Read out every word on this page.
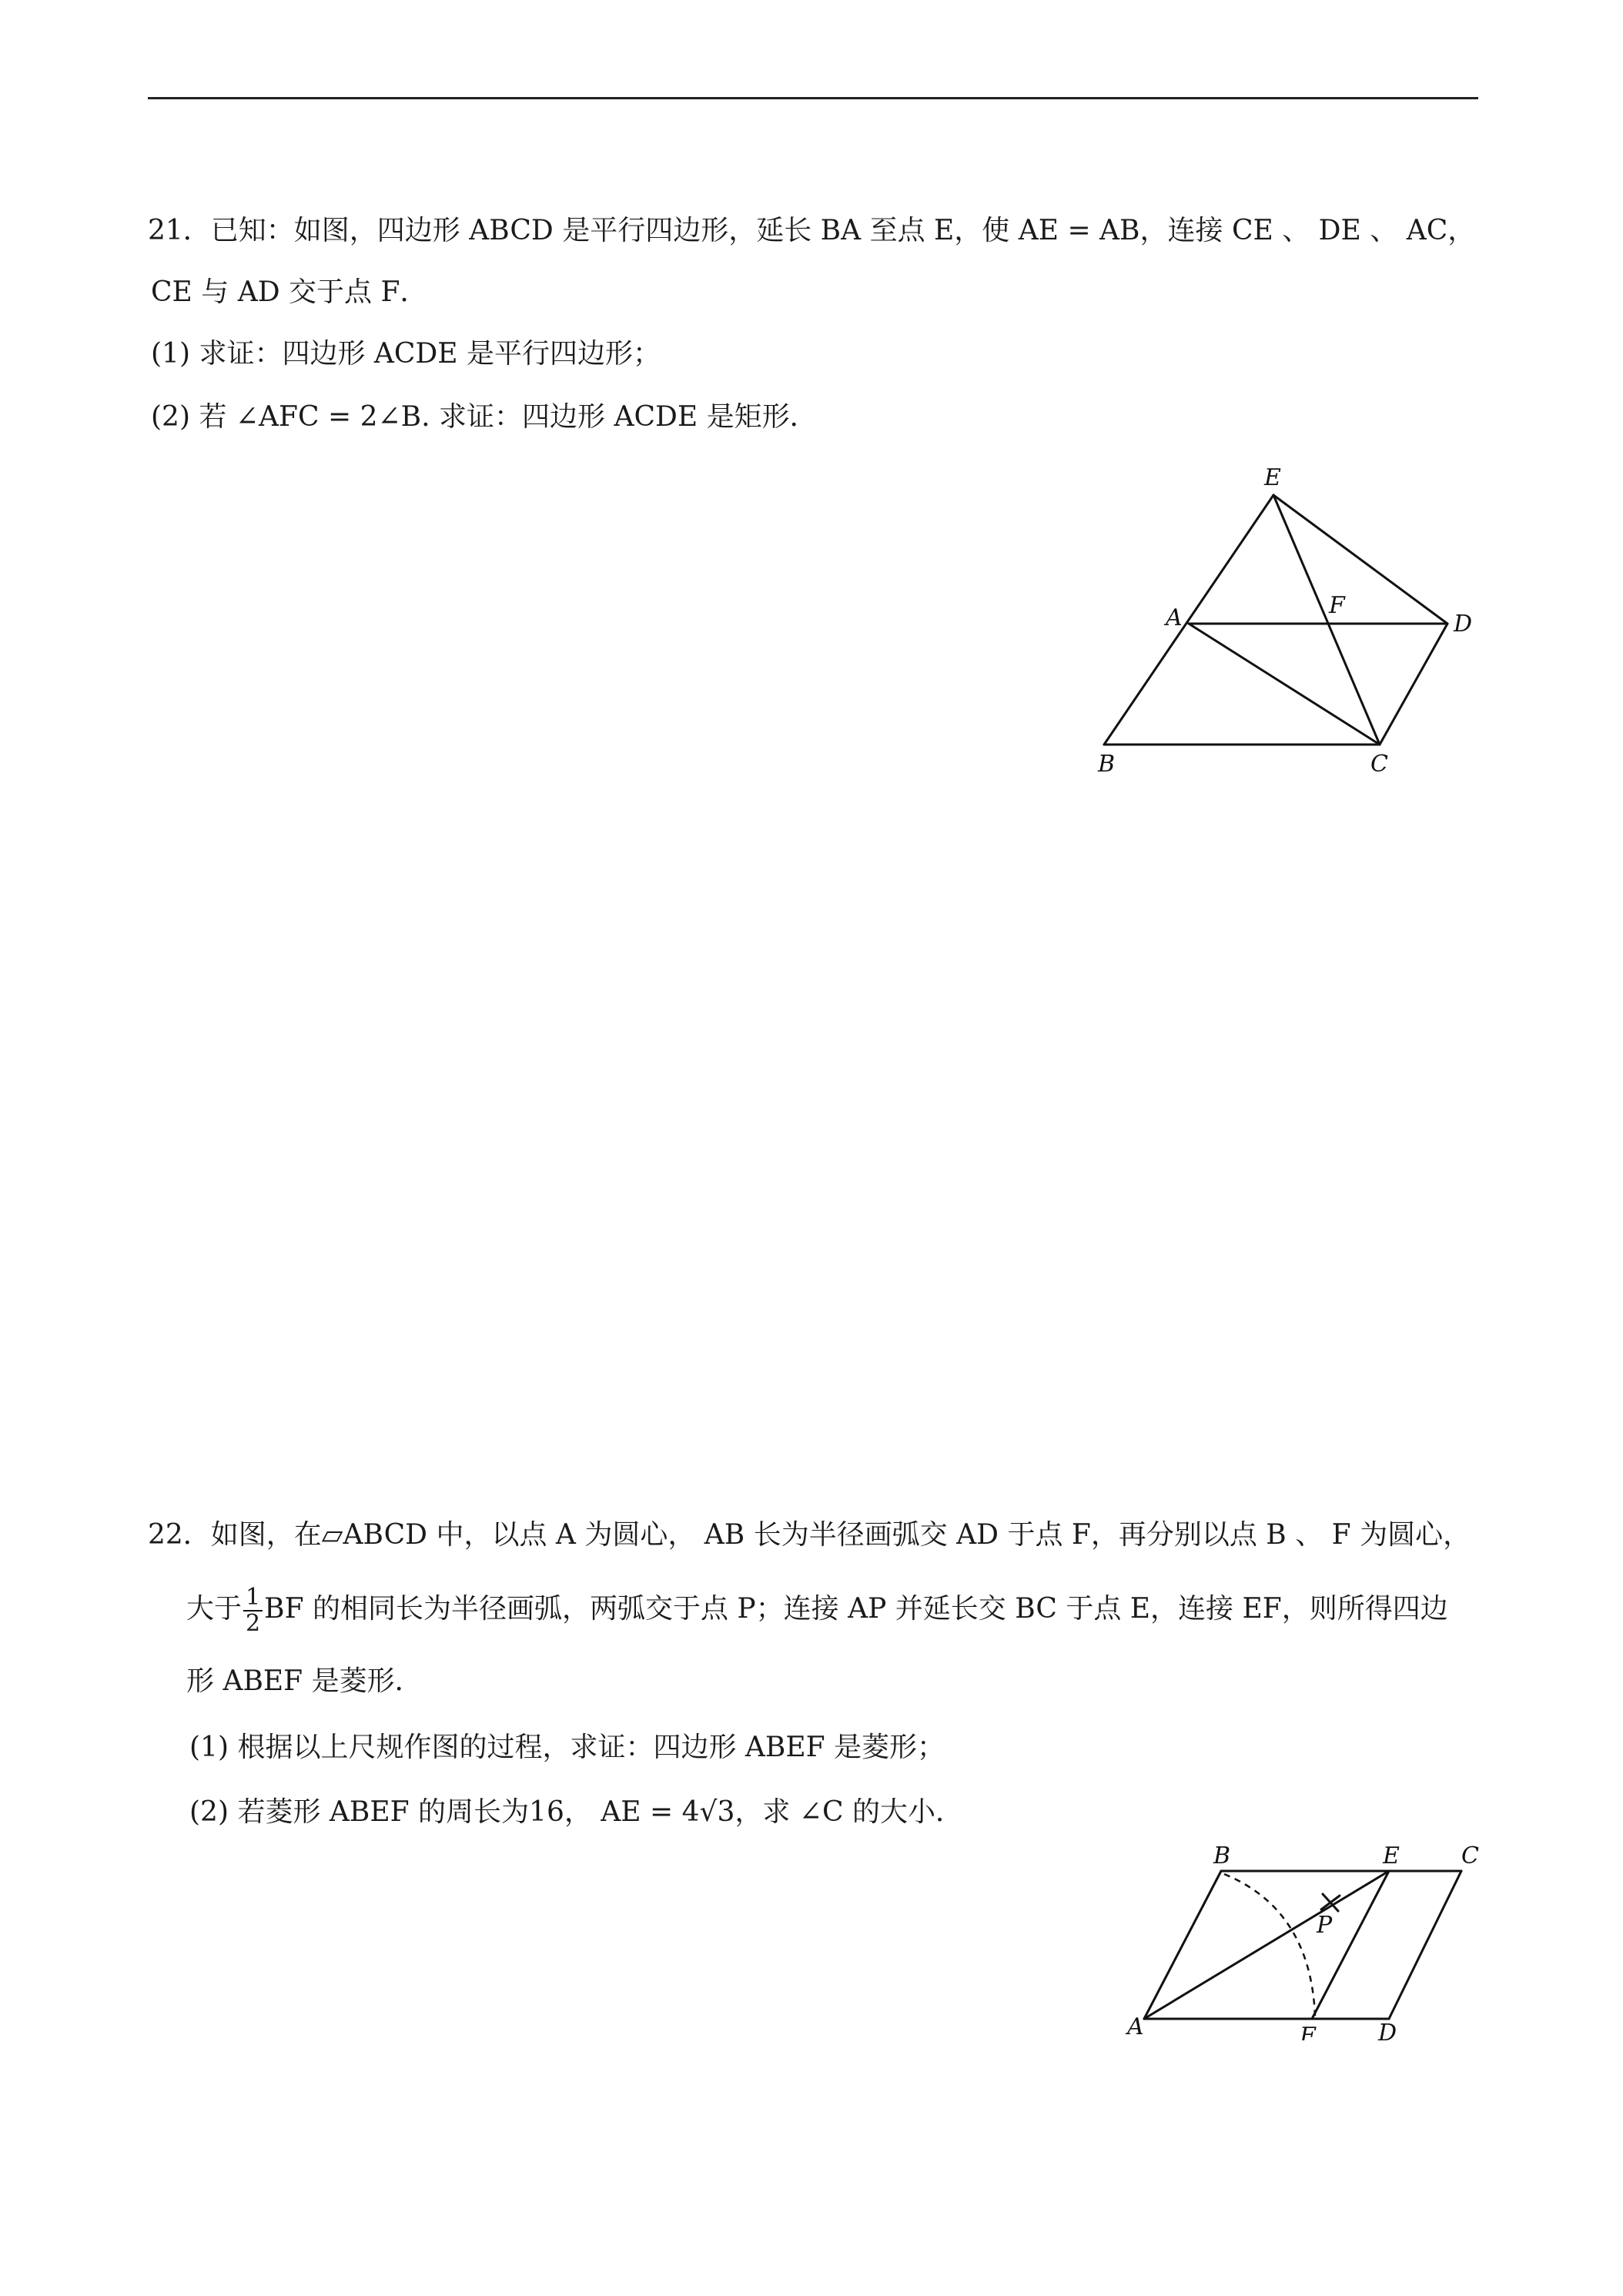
21．已知：如图，四边形 ABCD 是平行四边形，延长 BA 至点 E，使 AE = AB，连接 CE 、 DE 、 AC，
CE 与 AD 交于点 F．
(1) 求证：四边形 ACDE 是平行四边形；
(2) 若 ∠AFC = 2∠B. 求证：四边形 ACDE 是矩形．
E
A	F
D
B	C
22．如图，在▱ABCD 中，以点 A 为圆心， AB 长为半径画弧交 AD 于点 F，再分别以点 B 、 F 为圆心，
大于 $\frac{1}{2}$ BF 的相同长为半径画弧，两弧交于点 P；连接 AP 并延长交 BC 于点 E，连接 EF，则所得四边
形 ABEF 是菱形．
(1) 根据以上尺规作图的过程，求证：四边形 ABEF 是菱形；
(2) 若菱形 ABEF 的周长为16， AE = 4√3，求 ∠C 的大小．
B	E	C
P
A	F	D
